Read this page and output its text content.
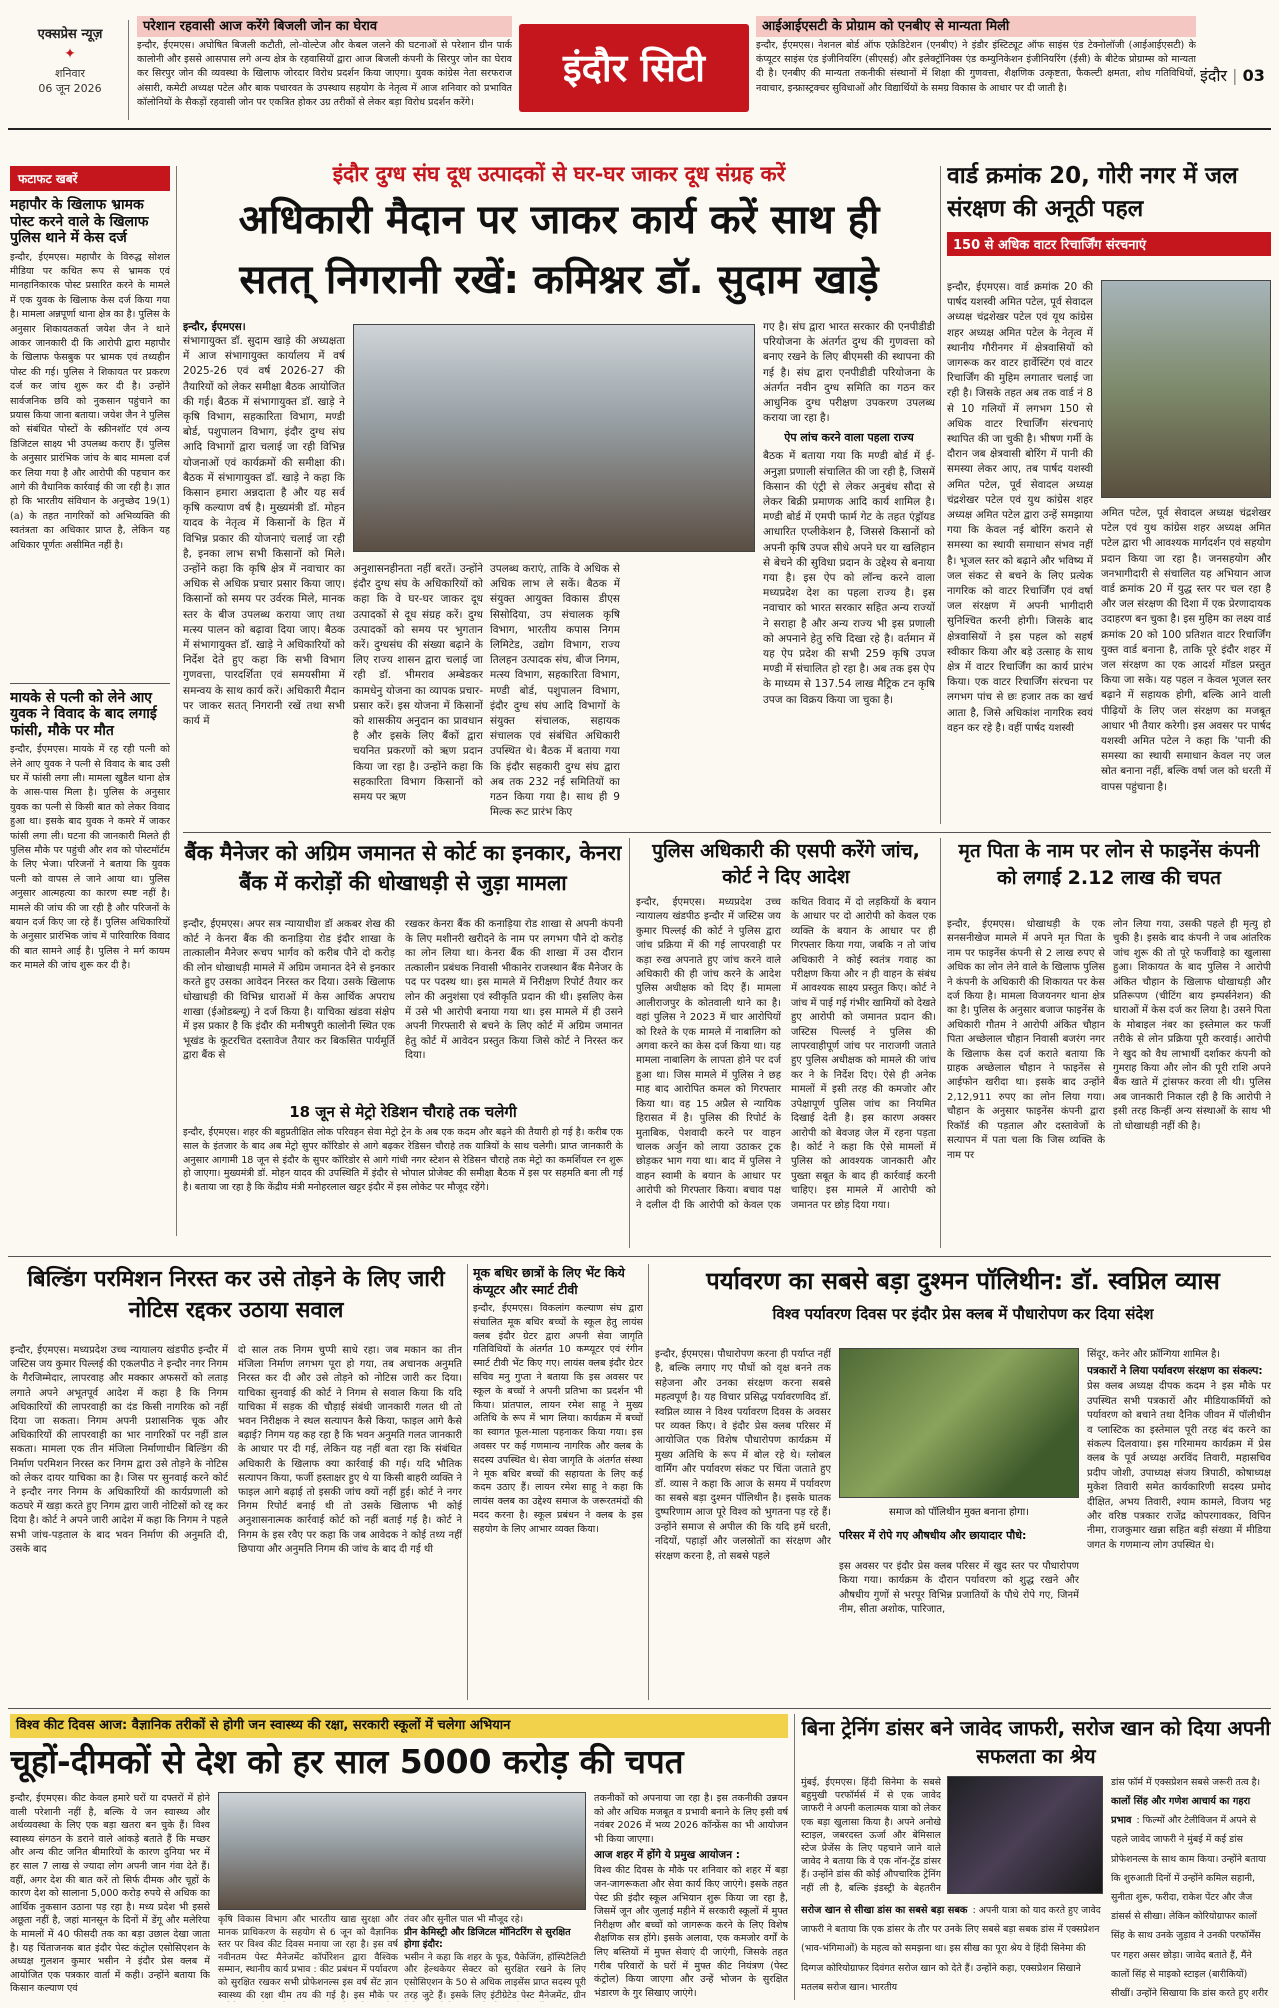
एक्सप्रेस न्यूज़
✦
शनिवार
06 जून 2026
परेशान रहवासी आज करेंगे बिजली जोन का घेराव
इन्दौर, ईएमएस। अघोषित बिजली कटौती, लो-वोल्टेज और केबल जलने की घटनाओं से परेशान ग्रीन पार्क कालोनी और इससे आसपास लगे अन्य क्षेत्र के रहवासियों द्वारा आज बिजली कंपनी के सिरपुर जोन का घेराव कर सिरपुर जोन की व्यवस्था के खिलाफ जोरदार विरोध प्रदर्शन किया जाएगा। युवक कांग्रेस नेता सरफराज अंसारी, कमेटी अध्यक्ष पटेल और बाक पधारवत के उपस्थाय सहयोग के नेतृत्व में आज शनिवार को प्रभावित कॉलोनियों के सैकड़ों रहवासी जोन पर एकत्रित होकर उग्र तरीकों से लेकर बड़ा विरोध प्रदर्शन करेंगे।
इंदौर सिटी
आईआईएसटी के प्रोग्राम को एनबीए से मान्यता मिली
इन्दौर, ईएमएस। नेशनल बोर्ड ऑफ एक्रेडिटेशन (एनबीए) ने इंडौर इंस्टिट्यूट ऑफ साइंस एंड टेक्नोलॉजी (आईआईएसटी) के कंप्यूटर साइंस एंड इंजीनियरिंग (सीएसई) और इलेक्ट्रॉनिक्स एंड कम्युनिकेशन इंजीनियरिंग (ईसी) के बीटेक प्रोग्राम्स को मान्यता दी है। एनबीए की मान्यता तकनीकी संस्थानों में शिक्षा की गुणवत्ता, शैक्षणिक उत्कृष्टता, फैकल्टी क्षमता, शोध गतिविधियों, नवाचार, इन्फ्रास्ट्रक्चर सुविधाओं और विद्यार्थियों के समग्र विकास के आधार पर दी जाती है।
इंदौर | 03
फटाफट खबरें
महापौर के खिलाफ भ्रामक पोस्ट करने वाले के खिलाफ पुलिस थाने में केस दर्ज
इन्दौर, ईएमएस। महापौर के विरुद्ध सोशल मीडिया पर कथित रूप से भ्रामक एवं मानहानिकारक पोस्ट प्रसारित करने के मामले में एक युवक के खिलाफ केस दर्ज किया गया है। मामला अन्नपूर्णा थाना क्षेत्र का है। पुलिस के अनुसार शिकायतकर्ता जयेश जैन ने थाने आकर जानकारी दी कि आरोपी द्वारा महापौर के खिलाफ फेसबुक पर भ्रामक एवं तथ्यहीन पोस्ट की गई। पुलिस ने शिकायत पर प्रकरण दर्ज कर जांच शुरू कर दी है। उन्होंने सार्वजनिक छवि को नुकसान पहुंचाने का प्रयास किया जाना बताया। जयेश जैन ने पुलिस को संबंधित पोस्टों के स्क्रीनशॉट एवं अन्य डिजिटल साक्ष्य भी उपलब्ध कराए हैं। पुलिस के अनुसार प्रारंभिक जांच के बाद मामला दर्ज कर लिया गया है और आरोपी की पहचान कर आगे की वैधानिक कार्रवाई की जा रही है। ज्ञात हो कि भारतीय संविधान के अनुच्छेद 19(1)(a) के तहत नागरिकों को अभिव्यक्ति की स्वतंत्रता का अधिकार प्राप्त है, लेकिन यह अधिकार पूर्णतः असीमित नहीं है।
मायके से पत्नी को लेने आए युवक ने विवाद के बाद लगाई फांसी, मौके पर मौत
इन्दौर, ईएमएस। मायके में रह रही पत्नी को लेने आए युवक ने पत्नी से विवाद के बाद उसी घर में फांसी लगा ली। मामला खुडैल थाना क्षेत्र के आस-पास मिला है। पुलिस के अनुसार युवक का पत्नी से किसी बात को लेकर विवाद हुआ था। इसके बाद युवक ने कमरे में जाकर फांसी लगा ली। घटना की जानकारी मिलते ही पुलिस मौके पर पहुंची और शव को पोस्टमॉर्टम के लिए भेजा। परिजनों ने बताया कि युवक पत्नी को वापस ले जाने आया था। पुलिस अनुसार आत्महत्या का कारण स्पष्ट नहीं है। मामले की जांच की जा रही है और परिजनों के बयान दर्ज किए जा रहे हैं। पुलिस अधिकारियों के अनुसार प्रारंभिक जांच में पारिवारिक विवाद की बात सामने आई है। पुलिस ने मर्ग कायम कर मामले की जांच शुरू कर दी है।
इंदौर दुग्ध संघ दूध उत्पादकों से घर-घर जाकर दूध संग्रह करें
अधिकारी मैदान पर जाकर कार्य करें साथ ही
सतत् निगरानी रखें: कमिश्नर डॉ. सुदाम खाड़े
इन्दौर, ईएमएस।
संभागायुक्त डॉ. सुदाम खाड़े की अध्यक्षता में आज संभागायुक्त कार्यालय में वर्ष 2025-26 एवं वर्ष 2026-27 की तैयारियों को लेकर समीक्षा बैठक आयोजित की गई। बैठक में संभागायुक्त डॉ. खाड़े ने कृषि विभाग, सहकारिता विभाग, मण्डी बोर्ड, पशुपालन विभाग, इंदौर दुग्ध संघ आदि विभागों द्वारा चलाई जा रही विभिन्न योजनाओं एवं कार्यक्रमों की समीक्षा की। बैठक में संभागायुक्त डॉ. खाड़े ने कहा कि किसान हमारा अन्नदाता है और यह सर्व कृषि कल्याण वर्ष है। मुख्यमंत्री डॉ. मोहन यादव के नेतृत्व में किसानों के हित में विभिन्न प्रकार की योजनाएं चलाई जा रही है, इनका लाभ सभी किसानों को मिले। उन्होंने कहा कि कृषि क्षेत्र में नवाचार का अधिक से अधिक प्रचार प्रसार किया जाए। किसानों को समय पर उर्वरक मिले, मानक स्तर के बीज उपलब्ध कराया जाए तथा मत्स्य पालन को बढ़ावा दिया जाए। बैठक में संभागायुक्त डॉ. खाड़े ने अधिकारियों को निर्देश देते हुए कहा कि सभी विभाग गुणवत्ता, पारदर्शिता एवं समयसीमा में समन्वय के साथ कार्य करें। अधिकारी मैदान पर जाकर सतत् निगरानी रखें तथा सभी कार्य में
अनुशासनहीनता नहीं बरतें। उन्होंने इंदौर दुग्ध संघ के अधिकारियों को कहा कि वे घर-घर जाकर दूध उत्पादकों से दूध संग्रह करें। दुग्ध उत्पादकों को समय पर भुगतान करें। दुग्धसंघ की संख्या बढ़ाने के लिए राज्य शासन द्वारा चलाई जा रही डॉ. भीमराव अम्बेडकर कामधेनु योजना का व्यापक प्रचार-प्रसार करें। इस योजना में किसानों को शासकीय अनुदान का प्रावधान है और इसके लिए बैंकों द्वारा चयनित प्रकरणों को ऋण प्रदान किया जा रहा है। उन्होंने कहा कि सहकारिता विभाग किसानों को समय पर ऋण
उपलब्ध कराएं, ताकि वे अधिक से अधिक लाभ ले सकें। बैठक में संयुक्त आयुक्त विकास डीएस सिसोदिया, उप संचालक कृषि विभाग, भारतीय कपास निगम लिमिटेड, उद्योग विभाग, राज्य तिलहन उत्पादक संघ, बीज निगम, मत्स्य विभाग, सहकारिता विभाग, मण्डी बोर्ड, पशुपालन विभाग, इंदौर दुग्ध संघ आदि विभागों के संयुक्त संचालक, सहायक संचालक एवं संबंधित अधिकारी उपस्थित थे। बैठक में बताया गया कि इंदौर सहकारी दुग्ध संघ द्वारा अब तक 232 नई समितियों का गठन किया गया है। साथ ही 9 मिल्क रूट प्रारंभ किए
गए है। संघ द्वारा भारत सरकार की एनपीडीडी परियोजना के अंतर्गत दुग्ध की गुणवत्ता को बनाए रखने के लिए बीएमसी की स्थापना की गई है। संघ द्वारा एनपीडीडी परियोजना के अंतर्गत नवीन दुग्ध समिति का गठन कर आधुनिक दुग्ध परीक्षण उपकरण उपलब्ध कराया जा रहा है।
ऐप लांच करने वाला पहला राज्य
बैठक में बताया गया कि मण्डी बोर्ड में ई-अनुज्ञा प्रणाली संचालित की जा रही है, जिसमें किसान की एंट्री से लेकर अनुबंध सौदा से लेकर बिक्री प्रमाणक आदि कार्य शामिल है। मण्डी बोर्ड में एमपी फार्म गेट के तहत एंड्रॉयड आधारित एप्लीकेशन है, जिससे किसानों को अपनी कृषि उपज सीधे अपने घर या खलिहान से बेचने की सुविधा प्रदान के उद्देश्य से बनाया गया है। इस ऐप को लॉन्च करने वाला मध्यप्रदेश देश का पहला राज्य है। इस नवाचार को भारत सरकार सहित अन्य राज्यों ने सराहा है और अन्य राज्य भी इस प्रणाली को अपनाने हेतु रुचि दिखा रहे है। वर्तमान में यह ऐप प्रदेश की सभी 259 कृषि उपज मण्डी में संचालित हो रहा है। अब तक इस ऐप के माध्यम से 137.54 लाख मैट्रिक टन कृषि उपज का विक्रय किया जा चुका है।
वार्ड क्रमांक 20, गोरी नगर में जल संरक्षण की अनूठी पहल
150 से अधिक वाटर रिचार्जिंग संरचनाएं
इन्दौर, ईएमएस। वार्ड क्रमांक 20 की पार्षद यशस्वी अमित पटेल, पूर्व सेवादल अध्यक्ष चंद्रशेखर पटेल एवं यूथ कांग्रेस शहर अध्यक्ष अमित पटेल के नेतृत्व में स्थानीय गौरीनगर में क्षेत्रवासियों को जागरूक कर वाटर हार्वेस्टिंग एवं वाटर रिचार्जिंग की मुहिम लगातार चलाई जा रही है। जिसके तहत अब तक वार्ड नं 8 से 10 गलियों में लगभग 150 से अधिक वाटर रिचार्जिंग संरचनाएं स्थापित की जा चुकी है। भीषण गर्मी के दौरान जब क्षेत्रवासी बोरिंग में पानी की समस्या लेकर आए, तब पार्षद यशस्वी अमित पटेल, पूर्व सेवादल अध्यक्ष चंद्रशेखर पटेल एवं युथ कांग्रेस शहर अध्यक्ष अमित पटेल द्वारा उन्हें समझाया गया कि केवल नई बोरिंग कराने से समस्या का स्थायी समाधान संभव नहीं है। भूजल स्तर को बढ़ाने और भविष्य में जल संकट से बचने के लिए प्रत्येक नागरिक को वाटर रिचार्जिंग एवं वर्षा जल संरक्षण में अपनी भागीदारी सुनिश्चित करनी होगी। जिसके बाद क्षेत्रवासियों ने इस पहल को सहर्ष स्वीकार किया और बड़े उत्साह के साथ क्षेत्र में वाटर रिचार्जिंग का कार्य प्रारंभ किया। एक वाटर रिचार्जिंग संरचना पर लगभग पांच से छः हजार तक का खर्च आता है, जिसे अधिकांश नागरिक स्वयं वहन कर रहे है। वहीं पार्षद यशस्वी
अमित पटेल, पूर्व सेवादल अध्यक्ष चंद्रशेखर पटेल एवं युथ कांग्रेस शहर अध्यक्ष अमित पटेल द्वारा भी आवश्यक मार्गदर्शन एवं सहयोग प्रदान किया जा रहा है। जनसहयोग और जनभागीदारी से संचालित यह अभियान आज वार्ड क्रमांक 20 में युद्ध स्तर पर चल रहा है और जल संरक्षण की दिशा में एक प्रेरणादायक उदाहरण बन चुका है। इस मुहिम का लक्ष्य वार्ड क्रमांक 20 को 100 प्रतिशत वाटर रिचार्जिंग युक्त वार्ड बनाना है, ताकि पूरे इंदौर शहर में जल संरक्षण का एक आदर्श मॉडल प्रस्तुत किया जा सके। यह पहल न केवल भूजल स्तर बढ़ाने में सहायक होगी, बल्कि आने वाली पीढ़ियों के लिए जल संरक्षण का मजबूत आधार भी तैयार करेगी। इस अवसर पर पार्षद यशस्वी अमित पटेल ने कहा कि 'पानी की समस्या का स्थायी समाधान केवल नए जल स्रोत बनाना नहीं, बल्कि वर्षा जल को धरती में वापस पहुंचाना है।
बैंक मैनेजर को अग्रिम जमानत से कोर्ट का इनकार, केनरा बैंक में करोड़ों की धोखाधड़ी से जुड़ा मामला
इन्दौर, ईएमएस। अपर सत्र न्यायाधीश डॉ अकबर शेख की कोर्ट ने केनरा बैंक की कनाड़िया रोड इंदौर शाखा के तात्कालीन मैनेजर रूचप भार्गव को करीब पौने दो करोड़ की लोन धोखाधड़ी मामले में अग्रिम जमानत देने से इनकार करते हुए उसका आवेदन निरस्त कर दिया। उसके खिलाफ धोखाधड़ी की विभिन्न धाराओं में केस आर्थिक अपराध शाखा (ईओडब्ल्यू) ने दर्ज किया है। याचिका खंडवा संक्षेप में इस प्रकार है कि इंदौर की मनीषपुरी कालोनी स्थित एक भूखंड के कूटरचित दस्तावेज तैयार कर बिकसित पार्यमूर्ति द्वारा बैंक से
रखकर केनरा बैंक की कनाड़िया रोड शाखा से अपनी कंपनी के लिए मशीनरी खरीदने के नाम पर लगभग पौने दो करोड़ का लोन लिया था। केनरा बैंक की शाखा में उस दौरान तत्कालीन प्रबंधक निवासी भीकानेर राजस्थान बैंक मैनेजर के पद पर पदस्थ था। इस मामले में निरीक्षण रिपोर्ट तैयार कर लोन की अनुशंसा एवं स्वीकृति प्रदान की थी। इसलिए केस में उसे भी आरोपी बनाया गया था। इस मामले में ही उसने अपनी गिरफ्तारी से बचने के लिए कोर्ट में अग्रिम जमानत हेतु कोर्ट में आवेदन प्रस्तुत किया जिसे कोर्ट ने निरस्त कर दिया।
18 जून से मेट्रो रेडिशन चौराहे तक चलेगी
इन्दौर, ईएमएस। शहर की बहुप्रतीक्षित लोक परिवहन सेवा मेट्रो ट्रेन के अब एक कदम और बढ़ने की तैयारी हो गई है। करीब एक साल के इंतजार के बाद अब मेट्रो सुपर कॉरिडोर से आगे बढ़कर रेडिसन चौराहे तक यात्रियों के साथ चलेगी। प्राप्त जानकारी के अनुसार आगामी 18 जून से इंदौर के सुपर कॉरिडोर से आगे गांधी नगर स्टेशन से रेडिसन चौराहे तक मेट्रो का कमर्शियल रन शुरू हो जाएगा। मुख्यमंत्री डॉ. मोहन यादव की उपस्थिति में इंदौर से भोपाल प्रोजेक्ट की समीक्षा बैठक में इस पर सहमति बना ली गई है। बताया जा रहा है कि केंद्रीय मंत्री मनोहरलाल खट्टर इंदौर में इस लोकेट पर मौजूद रहेंगे।
पुलिस अधिकारी की एसपी करेंगे जांच, कोर्ट ने दिए आदेश
इन्दौर, ईएमएस। मध्यप्रदेश उच्च न्यायालय खंडपीठ इन्दौर में जस्टिस जय कुमार पिल्लई की कोर्ट ने पुलिस द्वारा जांच प्रक्रिया में की गई लापरवाही पर कड़ा रुख अपनाते हुए जांच करने वाले अधिकारी की ही जांच करने के आदेश पुलिस अधीक्षक को दिए हैं। मामला आलीराजपुर के कोतवाली थाने का है। वहां पुलिस ने 2023 में चार आरोपियों को रिश्ते के एक मामले में नाबालिग को अगवा करने का केस दर्ज किया था। यह मामला नाबालिग के लापता होने पर दर्ज हुआ था। जिस मामले में पुलिस ने छह माह बाद आरोपित कमल को गिरफ्तार किया था। वह 15 अप्रैल से न्यायिक हिरासत में है। पुलिस की रिपोर्ट के मुताबिक, पेशवादी करने पर वाहन चालक अर्जुन को लाया उठाकर ट्रक छोड़कर भाग गया था। बाद में पुलिस ने वाहन स्वामी के बयान के आधार पर आरोपी को गिरफ्तार किया। बचाव पक्ष ने दलील दी कि आरोपी को केवल एक कथित विवाद में दो लड़कियों के बयान के आधार पर दो आरोपी को केवल एक व्यक्ति के बयान के आधार पर ही गिरफ्तार किया गया, जबकि न तो जांच अधिकारी ने कोई स्वतंत्र गवाह का परीक्षण किया और न ही वाहन के संबंध में आवश्यक साक्ष्य प्रस्तुत किए। कोर्ट ने जांच में पाई गई गंभीर खामियों को देखते हुए आरोपी को जमानत प्रदान की। जस्टिस पिल्लई ने पुलिस की लापरवाहीपूर्ण जांच पर नाराजगी जताते हुए पुलिस अधीक्षक को मामले की जांच कर ने के निर्देश दिए। ऐसे ही अनेक मामलों में इसी तरह की कमजोर और उपेक्षापूर्ण पुलिस जांच का नियमित दिखाई देती है। इस कारण अक्सर आरोपी को बेवजह जेल में रहना पड़ता है। कोर्ट ने कहा कि ऐसे मामलों में पुलिस को आवश्यक जानकारी और पुख्ता सबूत के बाद ही कार्रवाई करनी चाहिए। इस मामले में आरोपी को जमानत पर छोड़ दिया गया।
मृत पिता के नाम पर लोन से फाइनेंस कंपनी को लगाई 2.12 लाख की चपत
इन्दौर, ईएमएस। धोखाधड़ी के एक सनसनीखेज मामले में अपने मृत पिता के नाम पर फाइनेंस कंपनी से 2 लाख रुपए से अधिक का लोन लेने वाले के खिलाफ पुलिस ने कंपनी के अधिकारी की शिकायत पर केस दर्ज किया है। मामला विजयनगर थाना क्षेत्र का है। पुलिस के अनुसार बजाज फाइनेंस के अधिकारी गौतम ने आरोपी अंकित चौहान पिता अच्छेलाल चौहान निवासी बजरंग नगर के खिलाफ केस दर्ज कराते बताया कि ग्राहक अच्छेलाल चौहान ने फाइनेंस से आईफोन खरीदा था। इसके बाद उन्होंने 2,12,911 रुपए का लोन लिया गया। चौहान के अनुसार फाइनेंस कंपनी द्वारा रिकॉर्ड की पड़ताल और दस्तावेजों के सत्यापन में पता चला कि जिस व्यक्ति के नाम पर
लोन लिया गया, उसकी पहले ही मृत्यु हो चुकी है। इसके बाद कंपनी ने जब आंतरिक जांच शुरू की तो पूरे फर्जीवाड़े का खुलासा हुआ। शिकायत के बाद पुलिस ने आरोपी अंकित चौहान के खिलाफ धोखाधड़ी और प्रतिरूपण (चीटिंग बाय इम्पर्सनेशन) की धाराओं में केस दर्ज कर लिया है। उसने पिता के मोबाइल नंबर का इस्तेमाल कर फर्जी तरीके से लोन प्रक्रिया पूरी करवाई। आरोपी ने खुद को वैध लाभार्थी दर्शाकर कंपनी को गुमराह किया और लोन की पूरी राशि अपने बैंक खाते में ट्रांसफर करवा ली थी। पुलिस अब जानकारी निकाल रही है कि आरोपी ने इसी तरह किन्हीं अन्य संस्थाओं के साथ भी तो धोखाधड़ी नहीं की है।
बिल्डिंग परमिशन निरस्त कर उसे तोड़ने के लिए जारी नोटिस रद्दकर उठाया सवाल
इन्दौर, ईएमएस। मध्यप्रदेश उच्च न्यायालय खंडपीठ इन्दौर में जस्टिस जय कुमार पिल्लई की एकलपीठ ने इन्दौर नगर निगम के गैरजिम्मेदार, लापरवाह और मक्कार अफसरों को लताड़ लगाते अपने अभूतपूर्व आदेश में कहा है कि निगम अधिकारियों की लापरवाही का दंड किसी नागरिक को नहीं दिया जा सकता। निगम अपनी प्रशासनिक चूक और अधिकारियों की लापरवाही का भार नागरिकों पर नहीं डाल सकता। मामला एक तीन मंजिला निर्माणाधीन बिल्डिंग की निर्माण परमिशन निरस्त कर निगम द्वारा उसे तोड़ने के नोटिस को लेकर दायर याचिका का है। जिस पर सुनवाई करने कोर्ट ने इन्दौर नगर निगम के अधिकारियों की कार्यप्रणाली को कठघरे में खड़ा करते हुए निगम द्वारा जारी नोटिसों को रद्द कर दिया है। कोर्ट ने अपने जारी आदेश में कहा कि निगम ने पहले सभी जांच-पड़ताल के बाद भवन निर्माण की अनुमति दी, उसके बाद
दो साल तक निगम चुप्पी साधे रहा। जब मकान का तीन मंजिला निर्माण लगभग पूरा हो गया, तब अचानक अनुमति निरस्त कर दी और उसे तोड़ने को नोटिस जारी कर दिया। याचिका सुनवाई की कोर्ट ने निगम से सवाल किया कि यदि याचिका में सड़क की चौड़ाई संबंधी जानकारी गलत थी तो भवन निरीक्षक ने स्थल सत्यापन कैसे किया, फाइल आगे कैसे बढ़ाई? निगम यह कह रहा है कि भवन अनुमति गलत जानकारी के आधार पर दी गई, लेकिन यह नहीं बता रहा कि संबंधित अधिकारी के खिलाफ क्या कार्रवाई की गई। यदि भौतिक सत्यापन किया, फर्जी हस्ताक्षर हुए थे या किसी बाहरी व्यक्ति ने फाइल आगे बढ़ाई तो इसकी जांच क्यों नहीं हुई। कोर्ट ने नगर निगम रिपोर्ट बनाई थी तो उसके खिलाफ भी कोई अनुशासनात्मक कार्रवाई कोर्ट को नहीं बताई गई है। कोर्ट ने निगम के इस रवैए पर कहा कि जब आवेदक ने कोई तथ्य नहीं छिपाया और अनुमति निगम की जांच के बाद दी गई थी
मूक बधिर छात्रों के लिए भेंट किये कंप्यूटर और स्मार्ट टीवी
इन्दौर, ईएमएस। विकलांग कल्याण संघ द्वारा संचालित मूक बधिर बच्चों के स्कूल हेतु लायंस क्लब इंदौर ग्रेटर द्वारा अपनी सेवा जागृति गतिविधियों के अंतर्गत 10 कम्प्यूटर एवं रंगीन स्मार्ट टीवी भेंट किए गए। लायंस क्लब इंदौर ग्रेटर सचिव मनु गुप्ता ने बताया कि इस अवसर पर स्कूल के बच्चों ने अपनी प्रतिभा का प्रदर्शन भी किया। प्रांतपाल, लायन रमेश साहू ने मुख्य अतिथि के रूप में भाग लिया। कार्यक्रम में बच्चों का स्वागत फूल-माला पहनाकर किया गया। इस अवसर पर कई गणमान्य नागरिक और क्लब के सदस्य उपस्थित थे। सेवा जागृति के अंतर्गत संस्था ने मूक बधिर बच्चों की सहायता के लिए कई कदम उठाए हैं। लायन रमेश साहू ने कहा कि लायंस क्लब का उद्देश्य समाज के जरूरतमंदों की मदद करना है। स्कूल प्रबंधन ने क्लब के इस सहयोग के लिए आभार व्यक्त किया।
पर्यावरण का सबसे बड़ा दुश्मन पॉलिथीन: डॉ. स्वप्निल व्यास
विश्व पर्यावरण दिवस पर इंदौर प्रेस क्लब में पौधारोपण कर दिया संदेश
इन्दौर, ईएमएस। पौधारोपण करना ही पर्याप्त नहीं है, बल्कि लगाए गए पौधों को वृक्ष बनने तक सहेजना और उनका संरक्षण करना सबसे महत्वपूर्ण है। यह विचार प्रसिद्ध पर्यावरणविद डॉ. स्वप्निल व्यास ने विश्व पर्यावरण दिवस के अवसर पर व्यक्त किए। वे इंदौर प्रेस क्लब परिसर में आयोजित एक विशेष पौधारोपण कार्यक्रम में मुख्य अतिथि के रूप में बोल रहे थे। ग्लोबल वार्मिंग और पर्यावरण संकट पर चिंता जताते हुए डॉ. व्यास ने कहा कि आज के समय में पर्यावरण का सबसे बड़ा दुश्मन पॉलिथीन है। इसके घातक दुष्परिणाम आज पूरे विश्व को भुगतना पड़ रहे हैं। उन्होंने समाज से अपील की कि यदि हमें धरती, नदियों, पहाड़ों और जलस्रोतों का संरक्षण और संरक्षण करना है, तो सबसे पहले
समाज को पॉलिथीन मुक्त बनाना होगा।
परिसर में रोपे गए औषधीय और छायादार पौधे:
इस अवसर पर इंदौर प्रेस क्लब परिसर में खुद स्तर पर पौधारोपण किया गया। कार्यक्रम के दौरान पर्यावरण को शुद्ध रखने और औषधीय गुणों से भरपूर विभिन्न प्रजातियों के पौधे रोपे गए, जिनमें नीम, सीता अशोक, पारिजात,
सिंदूर, कनेर और फ्रॉन्गिया शामिल है।
पत्रकारों ने लिया पर्यावरण संरक्षण का संकल्प:
प्रेस क्लब अध्यक्ष दीपक कदम ने इस मौके पर उपस्थित सभी पत्रकारों और मीडियाकर्मियों को पर्यावरण को बचाने तथा दैनिक जीवन में पॉलीथीन व प्लास्टिक का इस्तेमाल पूरी तरह बंद करने का संकल्प दिलवाया। इस गरिमामय कार्यक्रम में प्रेस क्लब के पूर्व अध्यक्ष अरविंद तिवारी, महासचिव प्रदीप जोशी, उपाध्यक्ष संजय त्रिपाठी, कोषाध्यक्ष मुकेश तिवारी समेत कार्यकारिणी सदस्य प्रमोद दीक्षित, अभय तिवारी, श्याम कामले, विजय भट्ट और वरिष्ठ पत्रकार राजेंद्र कोपरगावकर, विपिन नीमा, राजकुमार खन्ना सहित बड़ी संख्या में मीडिया जगत के गणमान्य लोग उपस्थित थे।
विश्व कीट दिवस आज: वैज्ञानिक तरीकों से होगी जन स्वास्थ्य की रक्षा, सरकारी स्कूलों में चलेगा अभियान
चूहों-दीमकों से देश को हर साल 5000 करोड़ की चपत
इन्दौर, ईएमएस। कीट केवल हमारे घरों या दफ्तरों में होने वाली परेशानी नहीं है, बल्कि ये जन स्वास्थ्य और अर्थव्यवस्था के लिए एक बड़ा खतरा बन चुके हैं। विश्व स्वास्थ्य संगठन के डराने वाले आंकड़े बताते हैं कि मच्छर और अन्य कीट जनित बीमारियों के कारण दुनिया भर में हर साल 7 लाख से ज्यादा लोग अपनी जान गंवा देते हैं। वहीं, अगर देश की बात करें तो सिर्फ दीमक और चूहों के कारण देश को सालाना 5,000 करोड़ रुपये से अधिक का आर्थिक नुकसान उठाना पड़ रहा है। मध्य प्रदेश भी इससे अछूता नहीं है, जहां मानसून के दिनों में डेंगू और मलेरिया के मामलों में 40 फीसदी तक का बड़ा उछाल देखा जाता है। यह चिंताजनक बात इंदौर पेस्ट कंट्रोल एसोसिएशन के अध्यक्ष गुलशन कुमार भसीन ने इंदौर प्रेस क्लब में आयोजित एक पत्रकार वार्ता में कही। उन्होंने बताया कि किसान कल्याण एवं
कृषि विकास विभाग और भारतीय खाद्य सुरक्षा और मानक प्राधिकरण के सहयोग से 6 जून को वैज्ञानिक स्तर पर विश्व कीट दिवस मनाया जा रहा है। इस वर्ष नवीनतम पेस्ट मैनेजमेंट कॉर्पोरेशन द्वारा वैश्विक सम्मान, स्थानीय कार्य प्रभाव : कीट प्रबंधन में पर्यावरण को सुरक्षित रखकर सभी प्रोफेशनल्स इस वर्ष सेंट ज्ञान स्वास्थ्य की रक्षा थीम तय की गई है। इस मौके पर
तंवर और सुनील पाल भी मौजूद रहे।
प्रीन केमिस्ट्री और डिजिटल मॉनिटरिंग से सुरक्षित होगा इंदौर:
भसीन ने कहा कि शहर के फूड, पैकेजिंग, हॉस्पिटैलिटी और हेल्थकेयर सेक्टर को सुरक्षित रखने के लिए एसोसिएशन के 50 से अधिक लाइसेंस प्राप्त सदस्य पूरी तरह जुटे हैं। इसके लिए इंटीग्रेटेड पेस्ट मैनेजमेंट, ग्रीन
तकनीकों को अपनाया जा रहा है। इस तकनीकी उन्नयन को और अधिक मजबूत व प्रभावी बनाने के लिए इसी वर्ष नवंबर 2026 में भव्य 2026 कॉन्फ्रेंस का भी आयोजन भी किया जाएगा।
आज शहर में होंगे ये प्रमुख आयोजन :
विश्व कीट दिवस के मौके पर शनिवार को शहर में बड़ा जन-जागरूकता और सेवा कार्य किए जाएंगे। इसके तहत पेस्ट फ्री इंदौर स्कूल अभियान शुरू किया जा रहा है, जिसमें जून और जुलाई महीने में सरकारी स्कूलों में मुफ्त निरीक्षण और बच्चों को जागरूक करने के लिए विशेष शैक्षणिक सत्र होंगे। इसके अलावा, एक कमजोर वर्गों के लिए बस्तियों में मुफ्त सेवाएं दी जाएंगी, जिसके तहत गरीब परिवारों के घरों में मुफ्त कीट नियंत्रण (पेस्ट कंट्रोल) किया जाएगा और उन्हें भोजन के सुरक्षित भंडारण के गुर सिखाए जाएंगे।
बिना ट्रेनिंग डांसर बने जावेद जाफरी, सरोज खान को दिया अपनी सफलता का श्रेय
मुंबई, ईएमएस। हिंदी सिनेमा के सबसे बहुमुखी परफॉर्मर्स में से एक जावेद जाफरी ने अपनी कलात्मक यात्रा को लेकर एक बड़ा खुलासा किया है। अपने अनोखे स्टाइल, जबरदस्त ऊर्जा और बेमिसाल स्टेज प्रेजेंस के लिए पहचाने जाने वाले जावेद ने बताया कि वे एक नॉन-ट्रेंड डांसर हैं। उन्होंने डांस की कोई औपचारिक ट्रेनिंग नहीं ली है, बल्कि इंडस्ट्री के बेहतरीन
सरोज खान से सीखा डांस का सबसे बड़ा सबक : अपनी यात्रा को याद करते हुए जावेद जाफरी ने बताया कि एक डांसर के तौर पर उनके लिए सबसे बड़ा सबक डांस में एक्सप्रेशन (भाव-भंगिमाओं) के महत्व को समझना था। इस सीख का पूरा श्रेय वे हिंदी सिनेमा की दिग्गज कोरियोग्राफर दिवंगत सरोज खान को देते हैं। उन्होंने कहा, एक्सप्रेशन सिखाने मतलब सरोज खान। भारतीय
डांस फॉर्म में एक्सप्रेशन सबसे जरूरी तत्व है।
कालों सिंह और गणेश आचार्य का गहरा प्रभाव : फिल्मों और टेलीविजन में अपने से पहले जावेद जाफरी ने मुंबई में कई डांस प्रोफेशनल्स के साथ काम किया। उन्होंने बताया कि शुरुआती दिनों में उन्होंने कमिल सहानी, सुनीता शुरू, फरीदा, राकेश पेंटर और जैज डांसर्स से सीखा। लेकिन कोरियोग्राफर कालों सिंह के साथ उनके जुड़ाव ने उनकी परफॉर्मेंस पर गहरा असर छोड़ा। जावेद बताते हैं, मैंने कालों सिंह से माइको स्टाइल (बारीकियों) सीखीं। उन्होंने सिखाया कि डांस करते हुए शरीर
